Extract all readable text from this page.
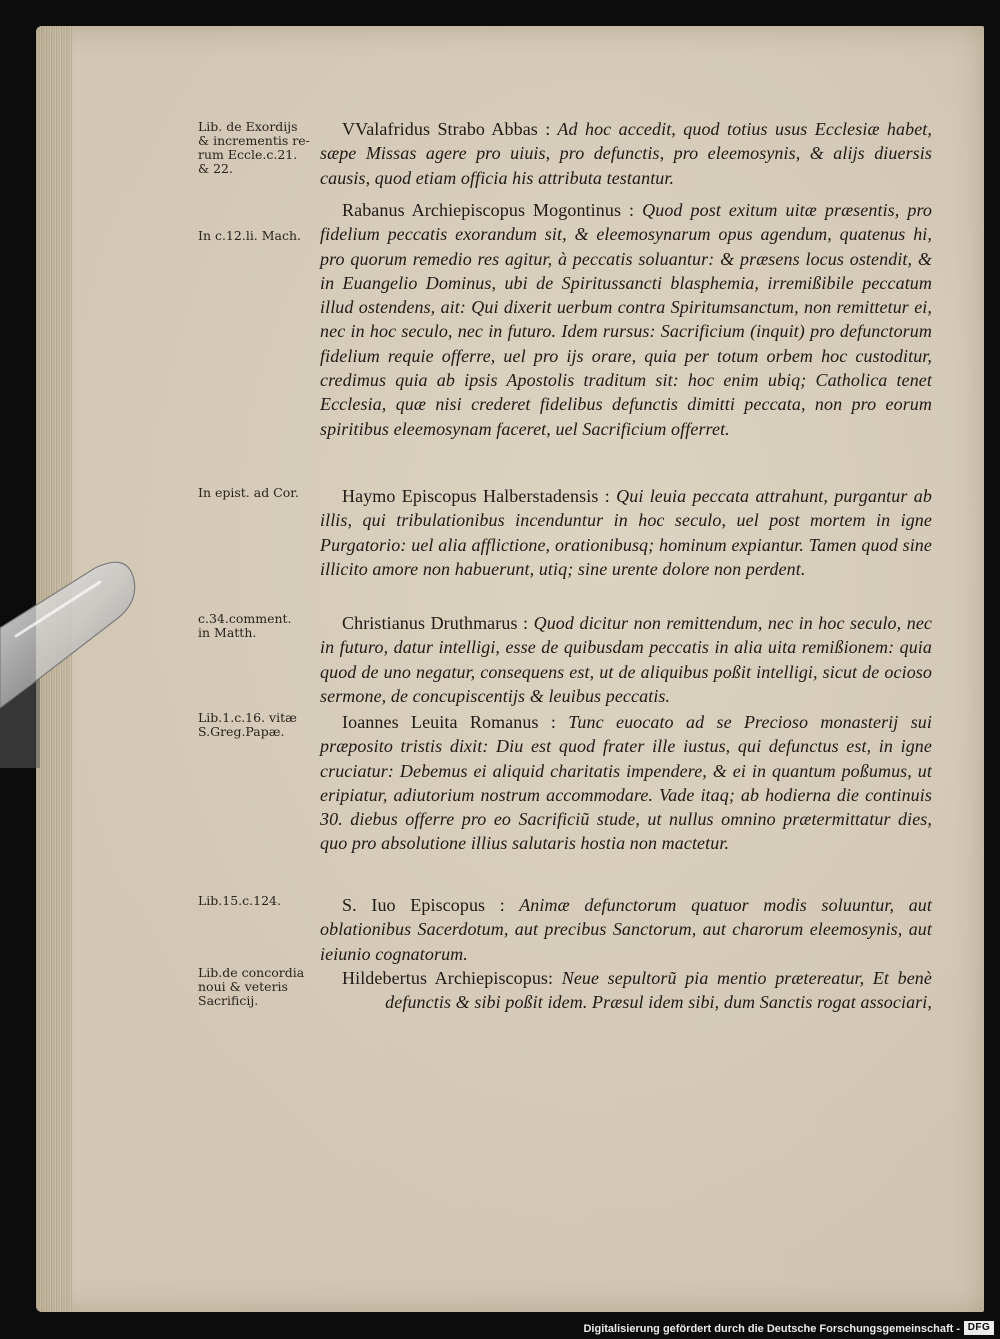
Lib. de Exordijs
& incrementis re-
rum Eccle.c.21.
& 22.
In c.12.li. Mach.
In epist. ad Cor.
c.34.comment.
in Matth.
Lib.1.c.16. vitæ
S.Greg.Papæ.
Lib.15.c.124.
Lib.de concordia
noui & veteris
Sacrificij.
VValafridus Strabo Abbas : Ad hoc accedit, quod totius usus Ecclesiæ habet, sæpe Missas agere pro uiuis, pro defunctis, pro eleemosynis, & alijs diuersis causis, quod etiam officia his attributa testantur.
Rabanus Archiepiscopus Mogontinus : Quod post exitum uitæ præsentis, pro fidelium peccatis exorandum sit, & eleemosynarum opus agendum, quatenus hi, pro quorum remedio res agitur, à peccatis soluantur: & præsens locus ostendit, & in Euangelio Dominus, ubi de Spiritussancti blasphemia, irremißibile peccatum illud ostendens, ait: Qui dixerit uerbum contra Spiritumsanctum, non remittetur ei, nec in hoc seculo, nec in futuro. Idem rursus: Sacrificium (inquit) pro defunctorum fidelium requie offerre, uel pro ijs orare, quia per totum orbem hoc custoditur, credimus quia ab ipsis Apostolis traditum sit: hoc enim ubiq; Catholica tenet Ecclesia, quæ nisi crederet fidelibus defunctis dimitti peccata, non pro eorum spiritibus eleemosynam faceret, uel Sacrificium offerret.
Haymo Episcopus Halberstadensis : Qui leuia peccata attrahunt, purgantur ab illis, qui tribulationibus incenduntur in hoc seculo, uel post mortem in igne Purgatorio: uel alia afflictione, orationibusq; hominum expiantur. Tamen quod sine illicito amore non habuerunt, utiq; sine urente dolore non perdent.
Christianus Druthmarus : Quod dicitur non remittendum, nec in hoc seculo, nec in futuro, datur intelligi, esse de quibusdam peccatis in alia uita remißionem: quia quod de uno negatur, consequens est, ut de aliquibus poßit intelligi, sicut de ocioso sermone, de concupiscentijs & leuibus peccatis.
Ioannes Leuita Romanus : Tunc euocato ad se Precioso monasterij sui præposito tristis dixit: Diu est quod frater ille iustus, qui defunctus est, in igne cruciatur: Debemus ei aliquid charitatis impendere, & ei in quantum poßumus, ut eripiatur, adiutorium nostrum accommodare. Vade itaq; ab hodierna die continuis 30. diebus offerre pro eo Sacrificiũ stude, ut nullus omnino prætermittatur dies, quo pro absolutione illius salutaris hostia non mactetur.
S. Iuo Episcopus : Animæ defunctorum quatuor modis soluuntur, aut oblationibus Sacerdotum, aut precibus Sanctorum, aut charorum eleemosynis, aut ieiunio cognatorum.
Hildebertus Archiepiscopus: Neue sepultorũ pia mentio prætereatur, Et benè defunctis & sibi poßit idem. Præsul idem sibi, dum Sanctis rogat associari,
Digitalisierung gefördert durch die Deutsche Forschungsgemeinschaft - DFG
